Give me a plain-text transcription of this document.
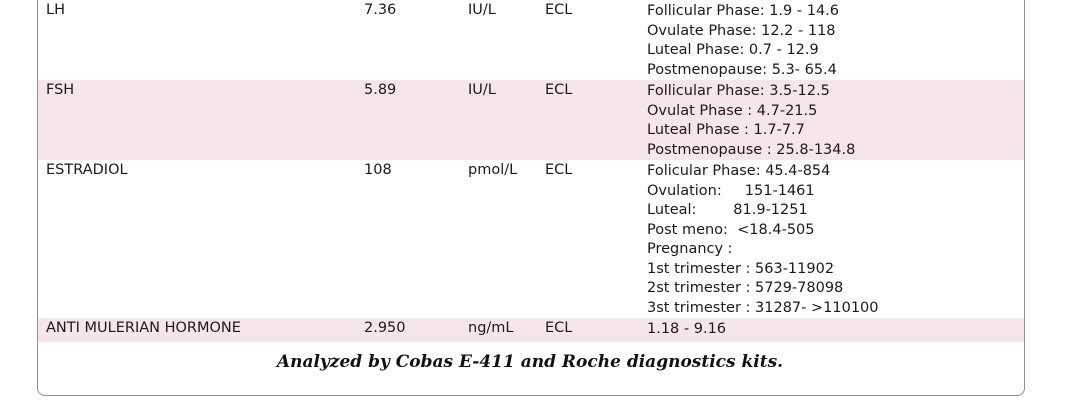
LH	7.36	IU/L	ECL	Follicular Phase: 1.9 - 14.6
Ovulate Phase: 12.2 - 118
Luteal Phase: 0.7 - 12.9
Postmenopause: 5.3- 65.4
FSH	5.89	IU/L	ECL	Follicular Phase: 3.5-12.5
Ovulat Phase : 4.7-21.5
Luteal Phase : 1.7-7.7
Postmenopause : 25.8-134.8
ESTRADIOL	108	pmol/L ECL	Folicular Phase: 45.4-854
Ovulation:     151-1461
Luteal:        81.9-1251
Post meno:  <18.4-505
Pregnancy :
1st trimester : 563-11902
2st trimester : 5729-78098
3st trimester : 31287- >110100
ANTI MULERIAN HORMONE	2.950	ng/mL ECL	1.18 - 9.16
Analyzed by Cobas E-411 and Roche diagnostics kits.
